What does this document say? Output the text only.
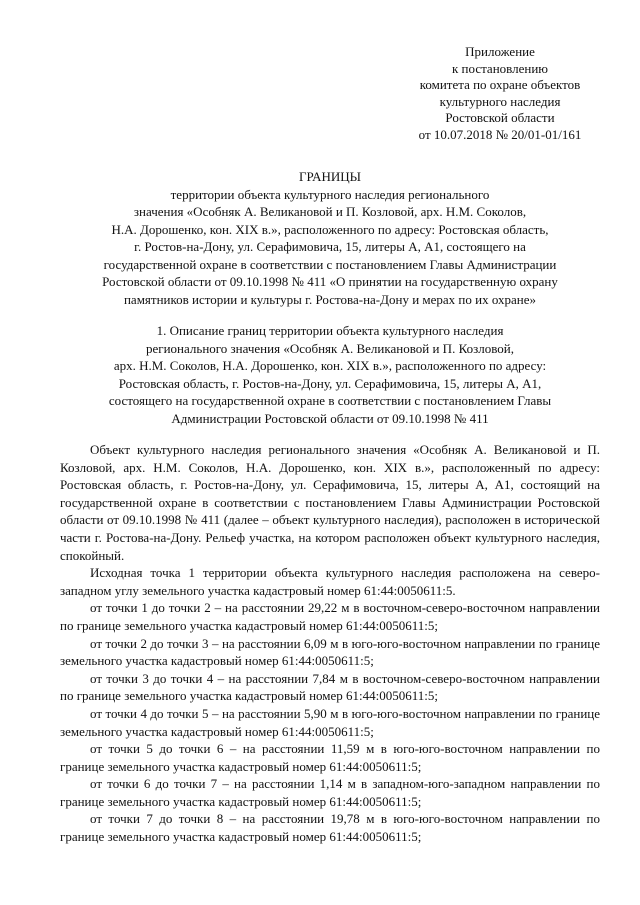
Приложение
к постановлению
комитета по охране объектов
культурного наследия
Ростовской области
от 10.07.2018 № 20/01-01/161
ГРАНИЦЫ
территории объекта культурного наследия регионального
значения «Особняк А. Великановой и П. Козловой, арх. Н.М. Соколов,
Н.А. Дорошенко, кон. XIX в.», расположенного по адресу: Ростовская область,
г. Ростов-на-Дону, ул. Серафимовича, 15, литеры А, А1, состоящего на
государственной охране в соответствии с постановлением Главы Администрации
Ростовской области от 09.10.1998 № 411 «О принятии на государственную охрану
памятников истории и культуры г. Ростова-на-Дону и мерах по их охране»
1. Описание границ территории объекта культурного наследия
регионального значения «Особняк А. Великановой и П. Козловой,
арх. Н.М. Соколов, Н.А. Дорошенко, кон. XIX в.», расположенного по адресу:
Ростовская область, г. Ростов-на-Дону, ул. Серафимовича, 15, литеры А, А1,
состоящего на государственной охране в соответствии с постановлением Главы
Администрации Ростовской области от 09.10.1998 № 411
Объект культурного наследия регионального значения «Особняк А. Великановой и П. Козловой, арх. Н.М. Соколов, Н.А. Дорошенко, кон. XIX в.», расположенный по адресу: Ростовская область, г. Ростов-на-Дону, ул. Серафимовича, 15, литеры А, А1, состоящий на государственной охране в соответствии с постановлением Главы Администрации Ростовской области от 09.10.1998 № 411 (далее – объект культурного наследия), расположен в исторической части г. Ростова-на-Дону. Рельеф участка, на котором расположен объект культурного наследия, спокойный.
Исходная точка 1 территории объекта культурного наследия расположена на северо-западном углу земельного участка кадастровый номер 61:44:0050611:5.
от точки 1 до точки 2 – на расстоянии 29,22 м в восточном-северо-восточном направлении по границе земельного участка кадастровый номер 61:44:0050611:5;
от точки 2 до точки 3 – на расстоянии 6,09 м в юго-юго-восточном направлении по границе земельного участка кадастровый номер 61:44:0050611:5;
от точки 3 до точки 4 – на расстоянии 7,84 м в восточном-северо-восточном направлении по границе земельного участка кадастровый номер 61:44:0050611:5;
от точки 4 до точки 5 – на расстоянии 5,90 м в юго-юго-восточном направлении по границе земельного участка кадастровый номер 61:44:0050611:5;
от точки 5 до точки 6 – на расстоянии 11,59 м в юго-юго-восточном направлении по границе земельного участка кадастровый номер 61:44:0050611:5;
от точки 6 до точки 7 – на расстоянии 1,14 м в западном-юго-западном направлении по границе земельного участка кадастровый номер 61:44:0050611:5;
от точки 7 до точки 8 – на расстоянии 19,78 м в юго-юго-восточном направлении по границе земельного участка кадастровый номер 61:44:0050611:5;
